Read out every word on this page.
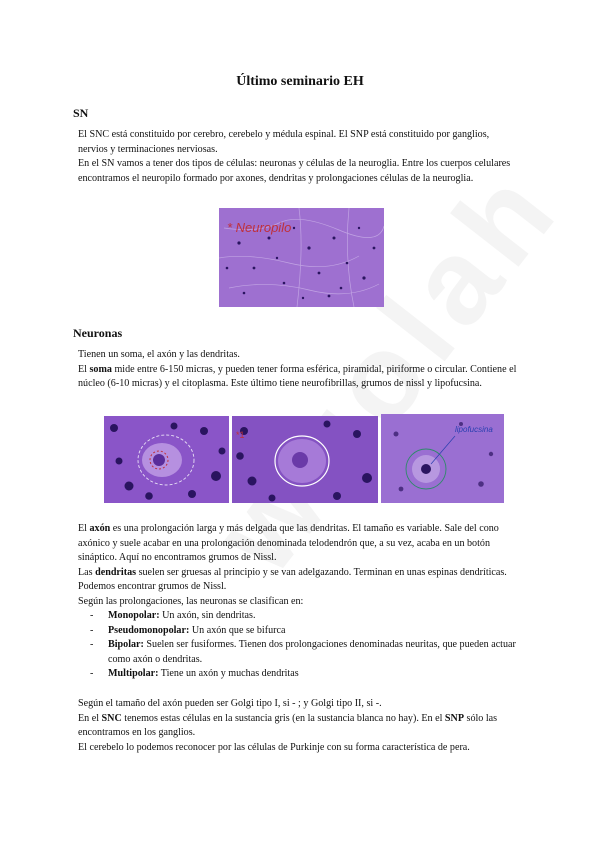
Último seminario EH
SN

El SNC está constituido por cerebro, cerebelo y médula espinal. El SNP está constituido por ganglios, nervios y terminaciones nerviosas.

En el SN vamos a tener dos tipos de células: neuronas y células de la neuroglia. Entre los cuerpos celulares encontramos el neuropilo formado por axones, dendritas y prolongaciones células de la neuroglia.

* Neuropilo
Neuronas

Tienen un soma, el axón y las dendritas.

El soma mide entre 6-150 micras, y pueden tener forma esférica, piramidal, piriforme o circular. Contiene el núcleo (6-10 micras) y el citoplasma. Este último tiene neurofibrillas, grumos de nissl y lipofucsina.

*1
lipofucsina

El axón es una prolongación larga y más delgada que las dendritas. El tamaño es variable. Sale del cono axónico y suele acabar en una prolongación denominada telodendrón que, a su vez, acaba en un botón sináptico. Aquí no encontramos grumos de Nissl.

Las dendritas suelen ser gruesas al principio y se van adelgazando. Terminan en unas espinas dendríticas. Podemos encontrar grumos de Nissl.

Según las prolongaciones, las neuronas se clasifican en:

- Monopolar: Un axón, sin dendritas.
- Pseudomonopolar: Un axón que se bifurca
- Bipolar: Suelen ser fusiformes. Tienen dos prolongaciones denominadas neuritas, que pueden actuar como axón o dendritas.
- Multipolar: Tiene un axón y muchas dendritas

Según el tamaño del axón pueden ser Golgi tipo I, si - ; y Golgi tipo II, si -.

En el SNC tenemos estas células en la sustancia gris (en la sustancia blanca no hay). En el SNP sólo las encontramos en los ganglios.

El cerebelo lo podemos reconocer por las células de Purkinje con su forma característica de pera.
